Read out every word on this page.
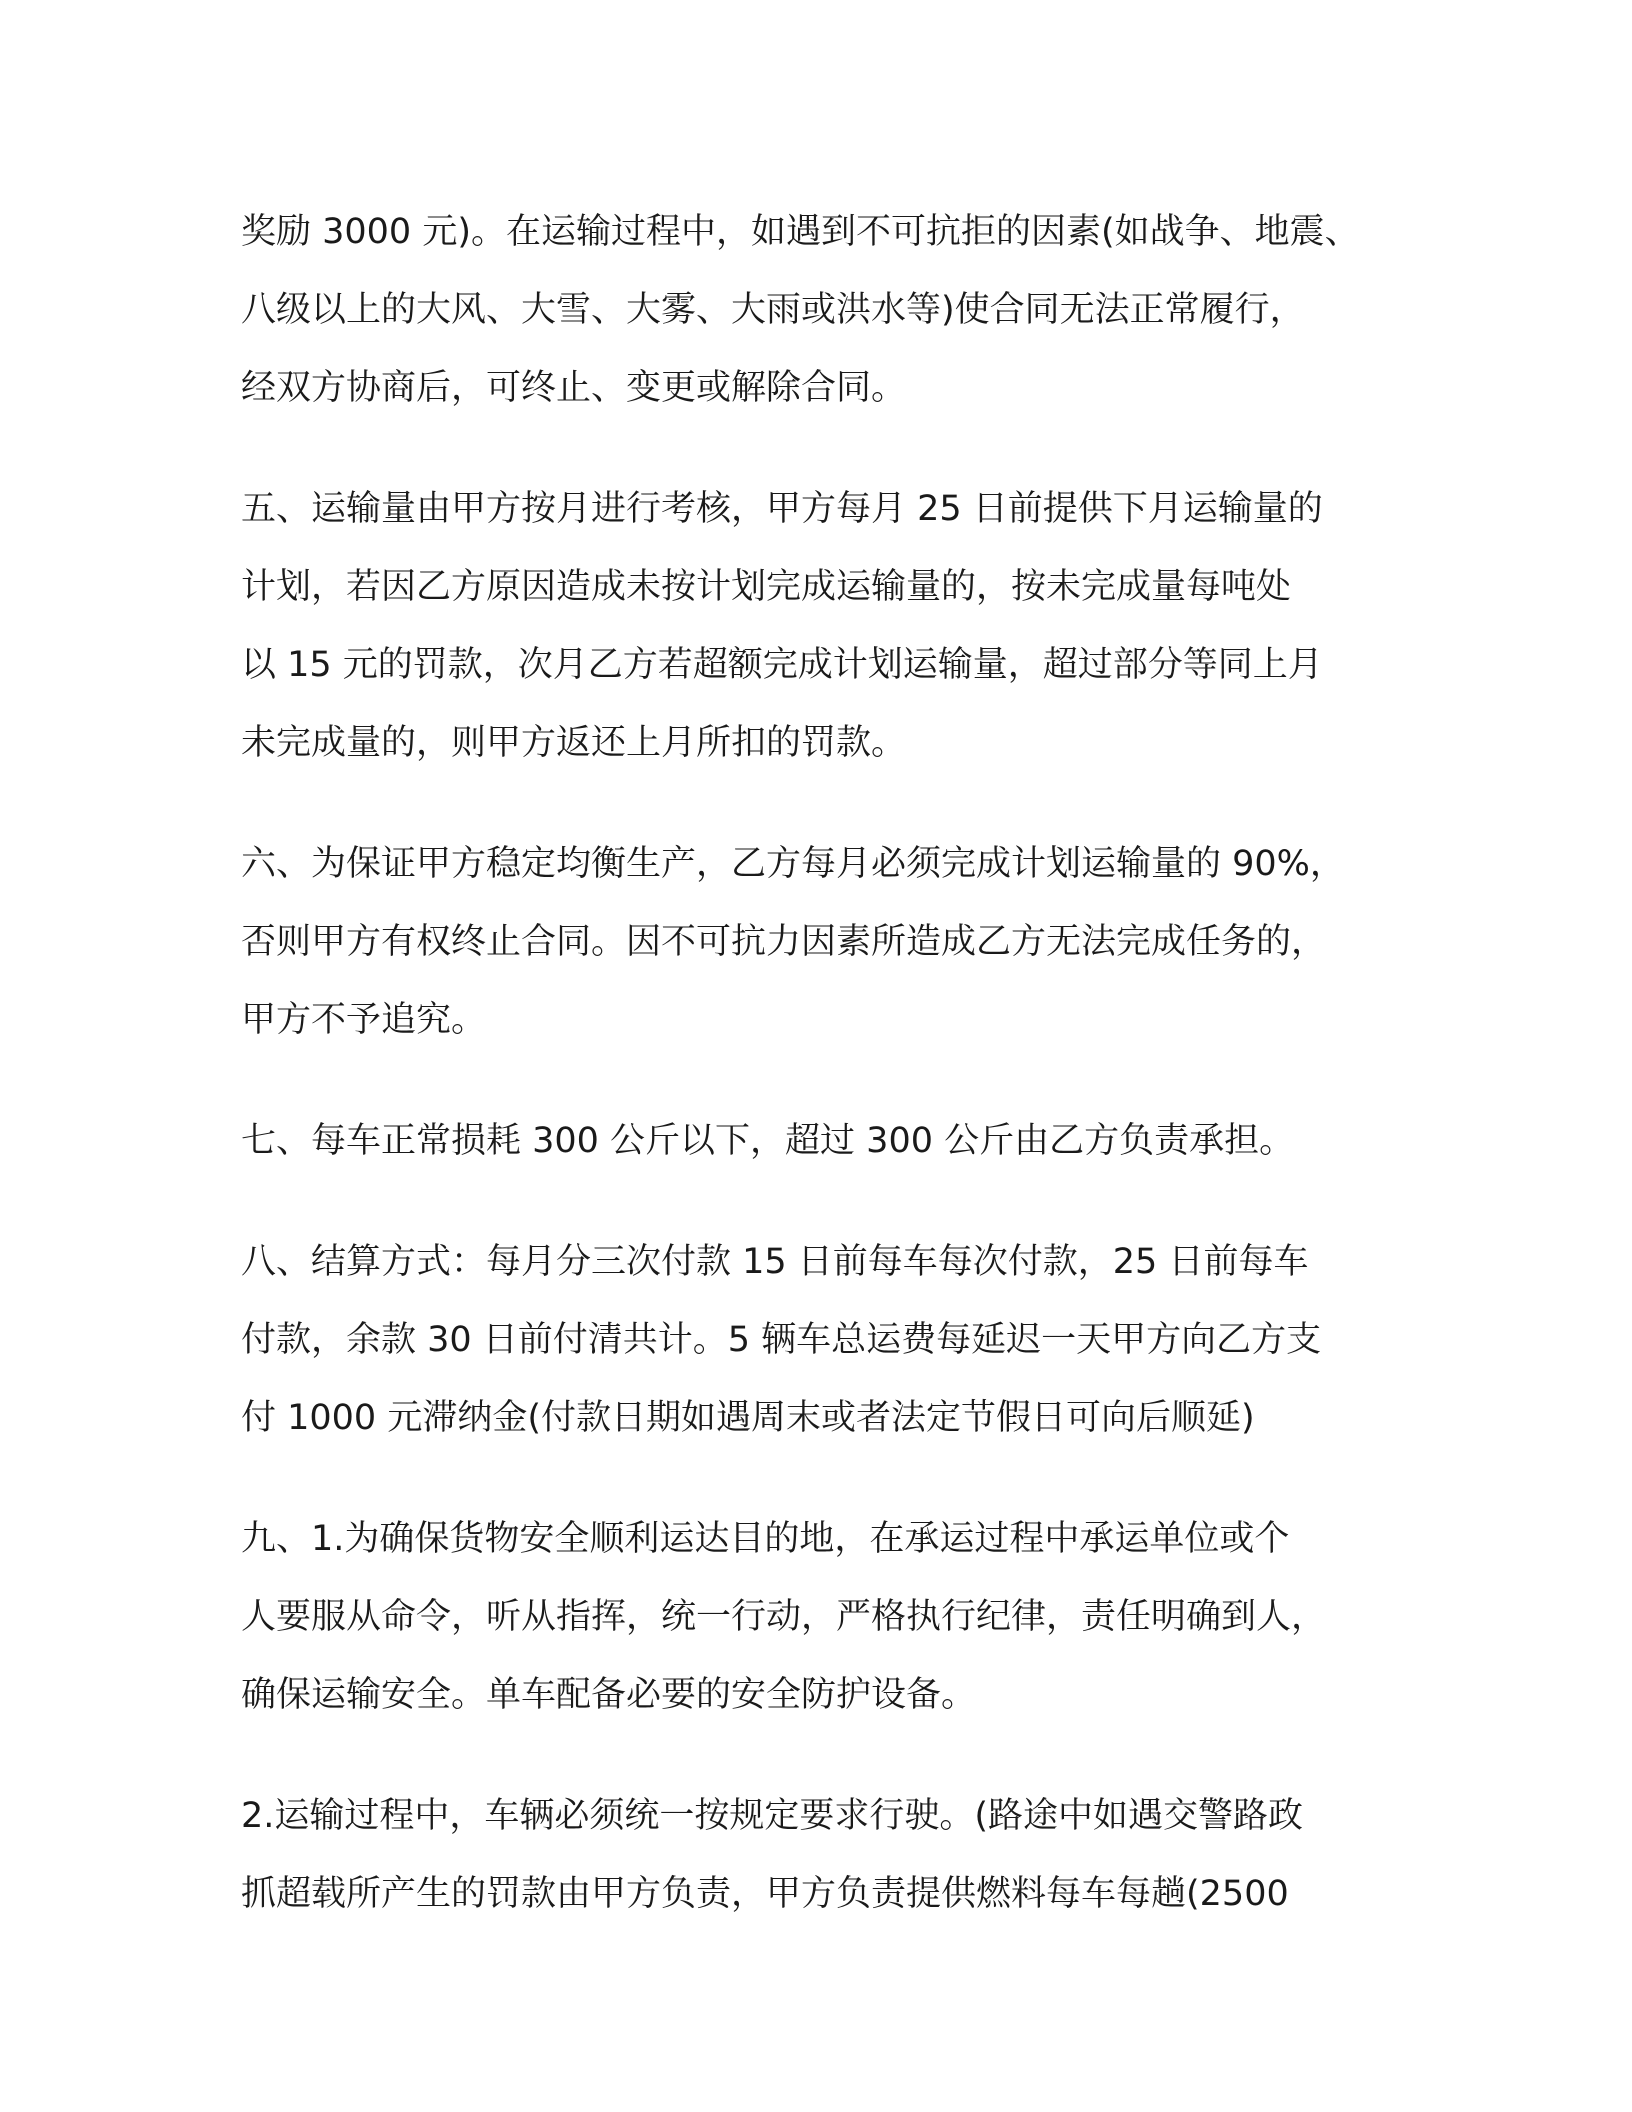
奖励 3000 元)。在运输过程中，如遇到不可抗拒的因素(如战争、地震、
八级以上的大风、大雪、大雾、大雨或洪水等)使合同无法正常履行，
经双方协商后，可终止、变更或解除合同。

五、运输量由甲方按月进行考核，甲方每月 25 日前提供下月运输量的
计划，若因乙方原因造成未按计划完成运输量的，按未完成量每吨处
以 15 元的罚款，次月乙方若超额完成计划运输量，超过部分等同上月
未完成量的，则甲方返还上月所扣的罚款。

六、为保证甲方稳定均衡生产，乙方每月必须完成计划运输量的 90%，
否则甲方有权终止合同。因不可抗力因素所造成乙方无法完成任务的，
甲方不予追究。

七、每车正常损耗 300 公斤以下，超过 300 公斤由乙方负责承担。

八、结算方式：每月分三次付款 15 日前每车每次付款，25 日前每车
付款，余款 30 日前付清共计。5 辆车总运费每延迟一天甲方向乙方支
付 1000 元滞纳金(付款日期如遇周末或者法定节假日可向后顺延)

九、1.为确保货物安全顺利运达目的地，在承运过程中承运单位或个
人要服从命令，听从指挥，统一行动，严格执行纪律，责任明确到人，
确保运输安全。单车配备必要的安全防护设备。

2.运输过程中，车辆必须统一按规定要求行驶。(路途中如遇交警路政
抓超载所产生的罚款由甲方负责，甲方负责提供燃料每车每趟(2500
